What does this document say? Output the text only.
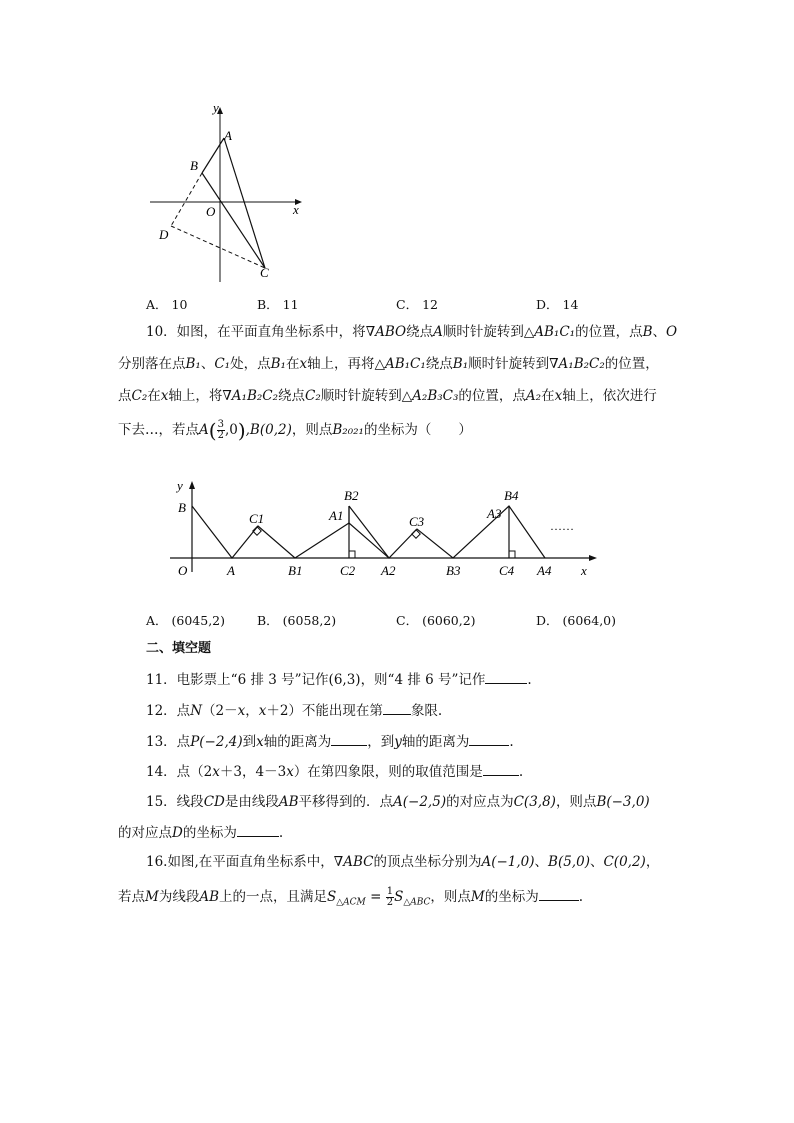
y
A
B
O	x
D
C
A． 10	B． 11	C． 12	D． 14
10．如图，在平面直角坐标系中，将∇ABO绕点A顺时针旋转到△AB₁C₁的位置，点B、O
分别落在点B₁、C₁处，点B₁在x轴上，再将△AB₁C₁绕点B₁顺时针旋转到∇A₁B₂C₂的位置，
点C₂在x轴上，将∇A₁B₂C₂绕点C₂顺时针旋转到△A₂B₃C₃的位置，点A₂在x轴上，依次进行
下去…，若点$A( \frac{3}{2} ,0),B(0,2)$，则点B₂₀₂₁的坐标为（　　）
y
B
O	A
C1
B1
A1
B2
C2 A2
C3
B3
A3
B4
C4 A4 x
……
A． (6045,2)	B． (6058,2)	C． (6060,2)	D． (6064,0)
二、填空题
11．电影票上“6 排 3 号”记作(6,3)，则“4 排 6 号”记作	.
12．点N（2－x，x＋2）不能出现在第 象限.
13．点P(−2,4)到x轴的距离为	，到y轴的距离为	.
14．点（2x＋3，4－3x）在第四象限，则的取值范围是	.
15．线段CD是由线段AB平移得到的．点A(−2,5)的对应点为C(3,8)，则点B(−3,0)
的对应点D的坐标为	.
16.如图,在平面直角坐标系中，∇ABC的顶点坐标分别为A(−1,0)、B(5,0)、C(0,2)，
若点M为线段AB上的一点，且满足$S_{\triangle ACM} = \frac{1}{2} S_{\triangle ABC}$，则点M的坐标为	.
